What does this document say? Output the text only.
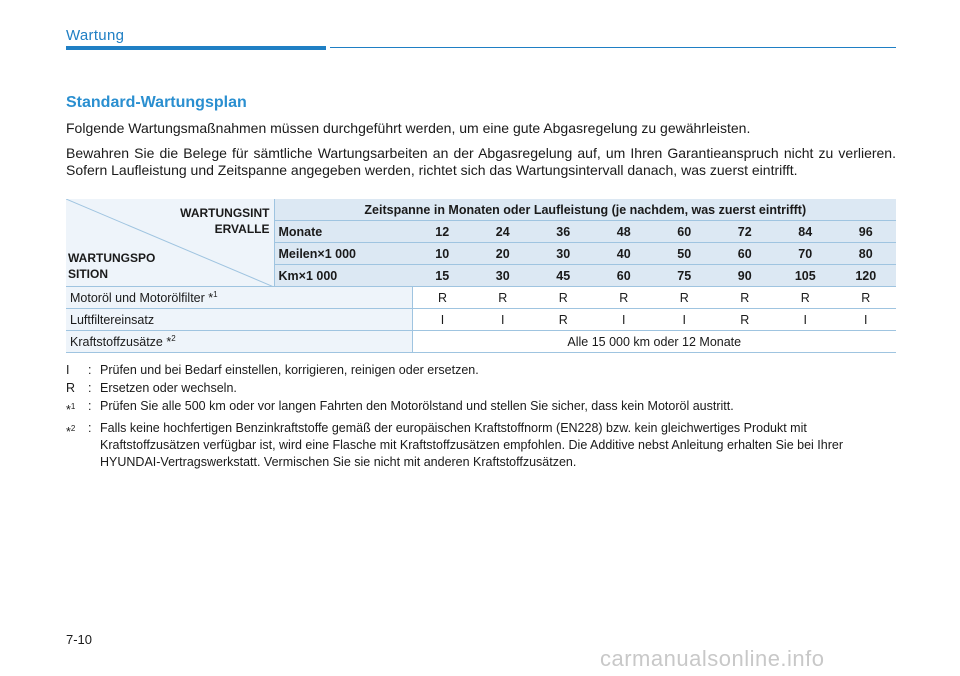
Wartung
Standard-Wartungsplan
Folgende Wartungsmaßnahmen müssen durchgeführt werden, um eine gute Abgasregelung zu gewährleisten.
Bewahren Sie die Belege für sämtliche Wartungsarbeiten an der Abgasregelung auf, um Ihren Garantieanspruch nicht zu verlieren. Sofern Laufleistung und Zeitspanne angegeben werden, richtet sich das Wartungsintervall danach, was zuerst eintrifft.
WARTUNGSINT
ERVALLE
WARTUNGSPO
SITION	Zeitspanne in Monaten oder Laufleistung (je nachdem, was zuerst eintrifft)								
	Monate	12	24	36	48	60	72	84	96
	Meilen×1 000	10	20	30	40	50	60	70	80
	Km×1 000	15	30	45	60	75	90	105	120
Motoröl und Motorölfilter *$^1$		R	R	R	R	R	R	R	R
Luftfiltereinsatz		I	I	R	I	I	R	I	I
Kraftstoffzusätze *$^2$		Alle 15 000 km oder 12 Monate							
I	: Prüfen und bei Bedarf einstellen, korrigieren, reinigen oder ersetzen.
R	: Ersetzen oder wechseln.
*$^1$	: Prüfen Sie alle 500 km oder vor langen Fahrten den Motorölstand und stellen Sie sicher, dass kein Motoröl austritt.
*$^2$	: Falls keine hochfertigen Benzinkraftstoffe gemäß der europäischen Kraftstoffnorm (EN228) bzw. kein gleichwertiges Produkt mit Kraftstoffzusätzen verfügbar ist, wird eine Flasche mit Kraftstoffzusätzen empfohlen. Die Additive nebst Anleitung erhalten Sie bei Ihrer HYUNDAI-Vertragswerkstatt. Vermischen Sie sie nicht mit anderen Kraftstoffzusätzen.
7-10
carmanualsonline.info
